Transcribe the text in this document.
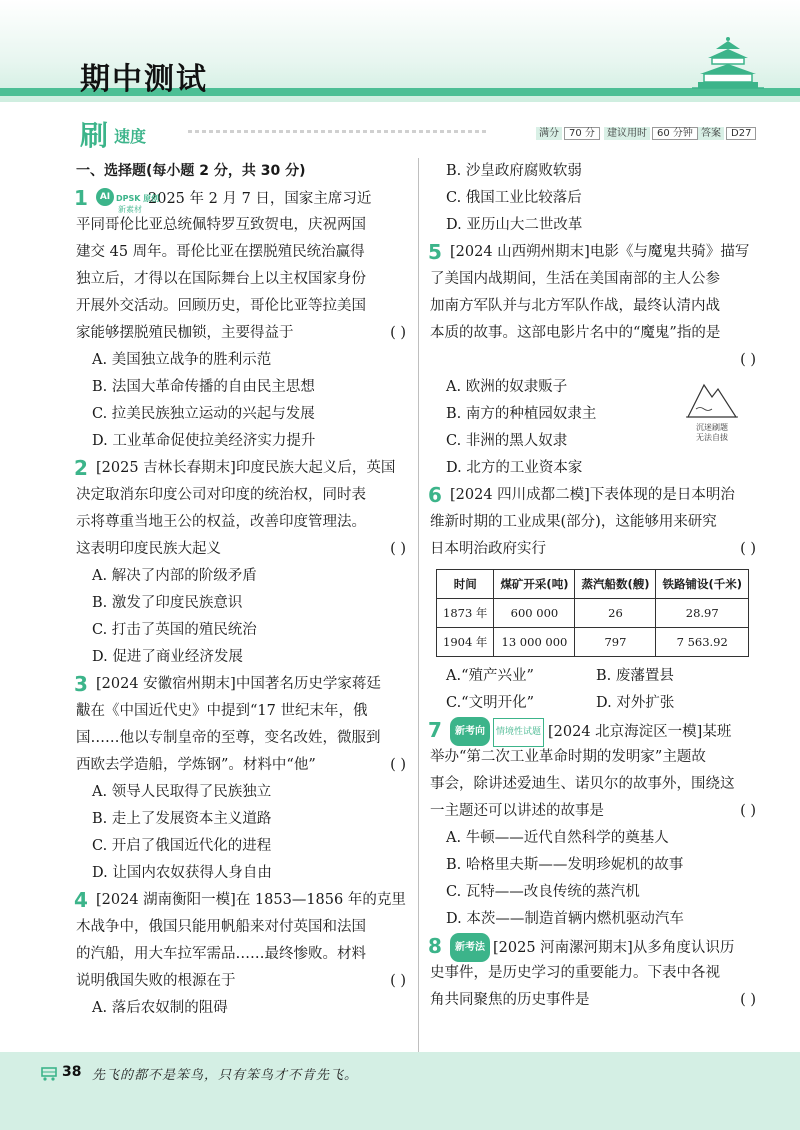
期中测试
刷 速度	满分 70 分	建议用时 60 分钟 答案 D27
一、选择题(每小题 2 分，共 30 分)
1	AI DPSK 原创
新素材
2025 年 2 月 7 日，国家主席习近
平同哥伦比亚总统佩特罗互致贺电，庆祝两国
建交 45 周年。哥伦比亚在摆脱殖民统治赢得
独立后，才得以在国际舞台上以主权国家身份
开展外交活动。回顾历史，哥伦比亚等拉美国
家能够摆脱殖民枷锁，主要得益于	( )
A. 美国独立战争的胜利示范
B. 法国大革命传播的自由民主思想
C. 拉美民族独立运动的兴起与发展
D. 工业革命促使拉美经济实力提升
2 [2025 吉林长春期末]印度民族大起义后，英国
决定取消东印度公司对印度的统治权，同时表
示将尊重当地王公的权益，改善印度管理法。
这表明印度民族大起义	( )
A. 解决了内部的阶级矛盾
B. 激发了印度民族意识
C. 打击了英国的殖民统治
D. 促进了商业经济发展
3 [2024 安徽宿州期末]中国著名历史学家蒋廷
黻在《中国近代史》中提到“17 世纪末年，俄
国……他以专制皇帝的至尊，变名改姓，微服到
西欧去学造船，学炼钢”。材料中“他”	( )
A. 领导人民取得了民族独立
B. 走上了发展资本主义道路
C. 开启了俄国近代化的进程
D. 让国内农奴获得人身自由
4 [2024 湖南衡阳一模]在 1853—1856 年的克里
木战争中，俄国只能用帆船来对付英国和法国
的汽船，用大车拉军需品……最终惨败。材料
说明俄国失败的根源在于	( )
A. 落后农奴制的阻碍
B. 沙皇政府腐败软弱
C. 俄国工业比较落后
D. 亚历山大二世改革
5 [2024 山西朔州期末]电影《与魔鬼共骑》描写
了美国内战期间，生活在美国南部的主人公参
加南方军队并与北方军队作战，最终认清内战
本质的故事。这部电影片名中的“魔鬼”指的是
( )
A. 欧洲的奴隶贩子
B. 南方的种植园奴隶主
C. 非洲的黑人奴隶
D. 北方的工业资本家
沉迷刷题
无法自拔
6 [2024 四川成都二模]下表体现的是日本明治
维新时期的工业成果(部分)，这能够用来研究
日本明治政府实行	( )
时间	煤矿开采(吨)	蒸汽船数(艘)	铁路铺设(千米)
1873 年	600 000	26	28.97
1904 年	13 000 000	797	7 563.92
A.“殖产兴业”	B. 废藩置县
C.“文明开化”	D. 对外扩张
7	新考向 情境性试题 [2024 北京海淀区一模]某班
举办“第二次工业革命时期的发明家”主题故
事会，除讲述爱迪生、诺贝尔的故事外，围绕这
一主题还可以讲述的故事是	( )
A. 牛顿——近代自然科学的奠基人
B. 哈格里夫斯——发明珍妮机的故事
C. 瓦特——改良传统的蒸汽机
D. 本茨——制造首辆内燃机驱动汽车
8	新考法 [2025 河南漯河期末]从多角度认识历
史事件，是历史学习的重要能力。下表中各视
角共同聚焦的历史事件是	( )
38 先飞的都不是笨鸟，只有笨鸟才不肯先飞。
